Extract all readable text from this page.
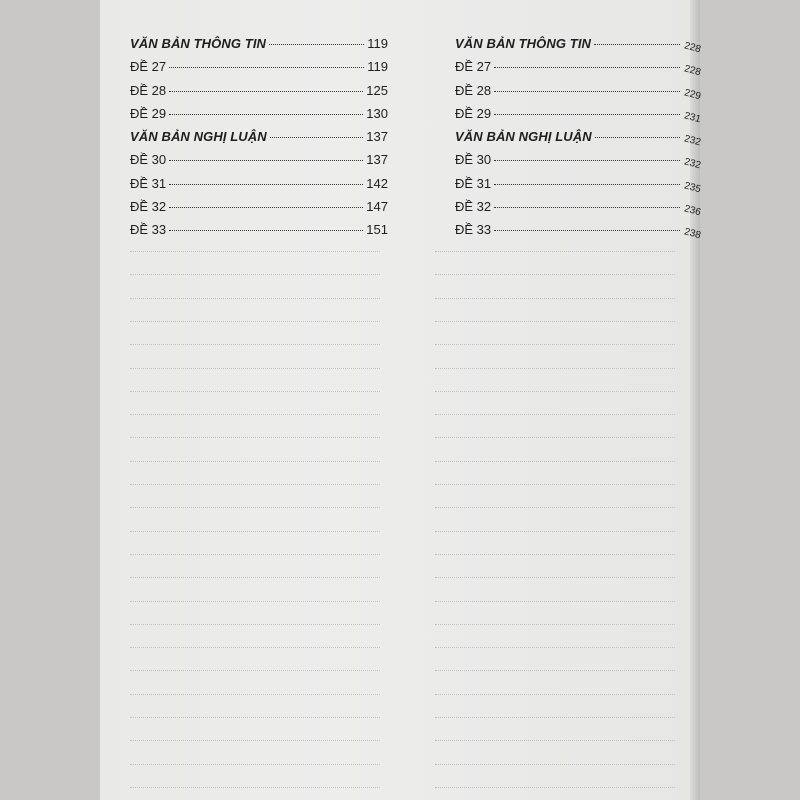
VĂN BẢN THÔNG TIN	119
ĐỀ 27	119
ĐỀ 28	125
ĐỀ 29	130
VĂN BẢN NGHỊ LUẬN	137
ĐỀ 30	137
ĐỀ 31	142
ĐỀ 32	147
ĐỀ 33	151
VĂN BẢN THÔNG TIN	228
ĐỀ 27	228
ĐỀ 28	229
ĐỀ 29	231
VĂN BẢN NGHỊ LUẬN	232
ĐỀ 30	232
ĐỀ 31	235
ĐỀ 32	236
ĐỀ 33	238
